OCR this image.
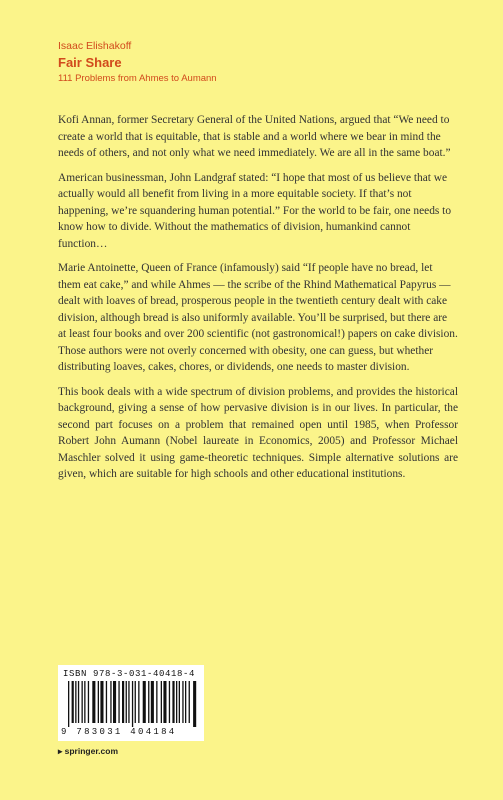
Isaac Elishakoff
Fair Share
111 Problems from Ahmes to Aumann

Kofi Annan, former Secretary General of the United Nations, argued that “We need to create a world that is equitable, that is stable and a world where we bear in mind the needs of others, and not only what we need immediately. We are all in the same boat.”

American businessman, John Landgraf stated: “I hope that most of us believe that we actually would all benefit from living in a more equitable society. If that’s not happening, we’re squandering human potential.” For the world to be fair, one needs to know how to divide. Without the mathematics of division, humankind cannot function…

Marie Antoinette, Queen of France (infamously) said “If people have no bread, let them eat cake,” and while Ahmes — the scribe of the Rhind Mathematical Papyrus — dealt with loaves of bread, prosperous people in the twentieth century dealt with cake division, although bread is also uniformly available. You’ll be surprised, but there are at least four books and over 200 scientific (not gastronomical!) papers on cake division. Those authors were not overly concerned with obesity, one can guess, but whether distributing loaves, cakes, chores, or dividends, one needs to master division.

This book deals with a wide spectrum of division problems, and provides the historical background, giving a sense of how pervasive division is in our lives. In particular, the second part focuses on a problem that remained open until 1985, when Professor Robert John Aumann (Nobel laureate in Economics, 2005) and Professor Michael Maschler solved it using game-theoretic techniques. Simple alternative solutions are given, which are suitable for high schools and other educational institutions.

ISBN 978-3-031-40418-4
9 783031 404184
▸ springer.com
